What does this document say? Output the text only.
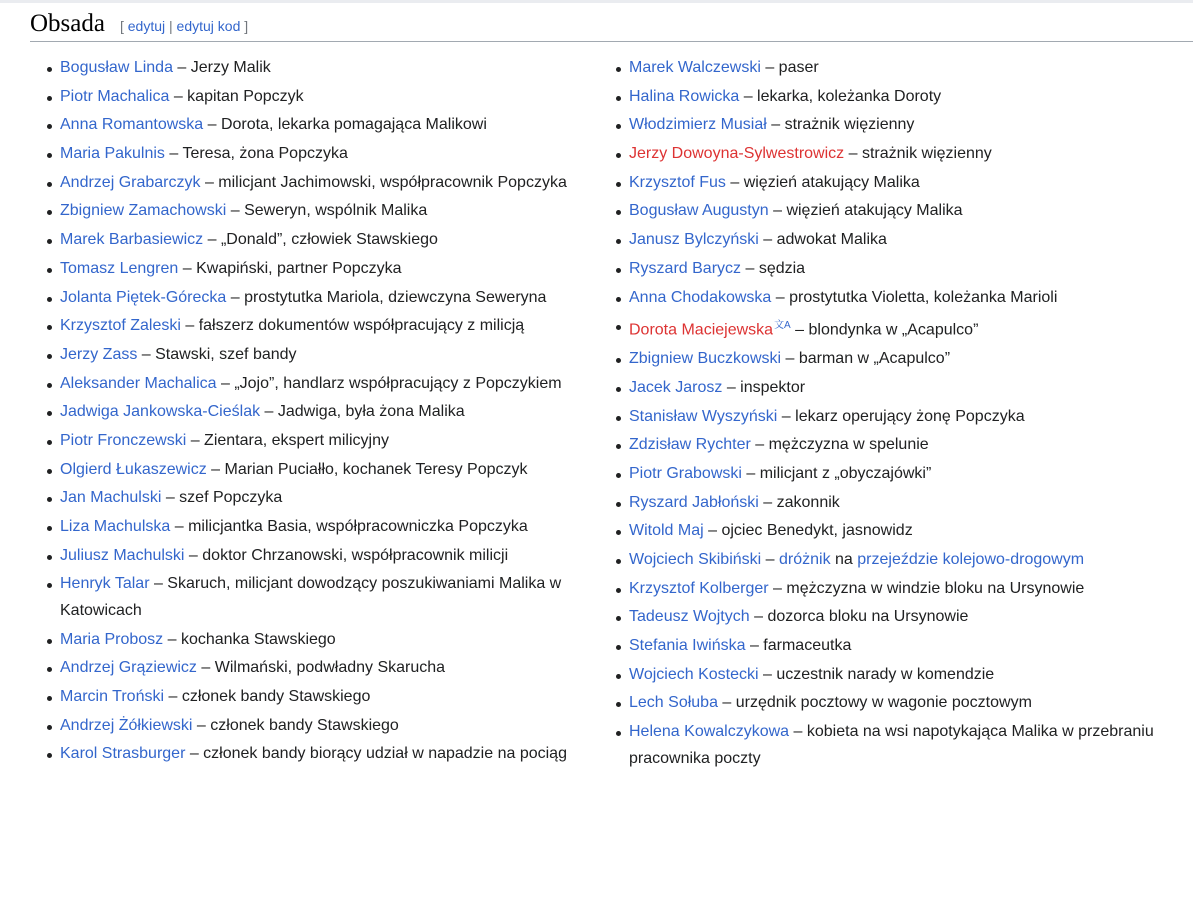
Obsada [ edytuj | edytuj kod ]
Bogusław Linda – Jerzy Malik
Piotr Machalica – kapitan Popczyk
Anna Romantowska – Dorota, lekarka pomagająca Malikowi
Maria Pakulnis – Teresa, żona Popczyka
Andrzej Grabarczyk – milicjant Jachimowski, współpracownik Popczyka
Zbigniew Zamachowski – Seweryn, wspólnik Malika
Marek Barbasiewicz – „Donald”, człowiek Stawskiego
Tomasz Lengren – Kwapiński, partner Popczyka
Jolanta Piętek-Górecka – prostytutka Mariola, dziewczyna Seweryna
Krzysztof Zaleski – fałszerz dokumentów współpracujący z milicją
Jerzy Zass – Stawski, szef bandy
Aleksander Machalica – „Jojo”, handlarz współpracujący z Popczykiem
Jadwiga Jankowska-Cieślak – Jadwiga, była żona Malika
Piotr Fronczewski – Zientara, ekspert milicyjny
Olgierd Łukaszewicz – Marian Puciałło, kochanek Teresy Popczyk
Jan Machulski – szef Popczyka
Liza Machulska – milicjantka Basia, współpracowniczka Popczyka
Juliusz Machulski – doktor Chrzanowski, współpracownik milicji
Henryk Talar – Skaruch, milicjant dowodzący poszukiwaniami Malika w Katowicach
Maria Probosz – kochanka Stawskiego
Andrzej Grąziewicz – Wilmański, podwładny Skarucha
Marcin Troński – członek bandy Stawskiego
Andrzej Żółkiewski – członek bandy Stawskiego
Karol Strasburger – członek bandy biorący udział w napadzie na pociąg
Marek Walczewski – paser
Halina Rowicka – lekarka, koleżanka Doroty
Włodzimierz Musiał – strażnik więzienny
Jerzy Dowoyna-Sylwestrowicz – strażnik więzienny
Krzysztof Fus – więzień atakujący Malika
Bogusław Augustyn – więzień atakujący Malika
Janusz Bylczyński – adwokat Malika
Ryszard Barycz – sędzia
Anna Chodakowska – prostytutka Violetta, koleżanka Marioli
Dorota Maciejewska$^{文A}$ – blondynka w „Acapulco”
Zbigniew Buczkowski – barman w „Acapulco”
Jacek Jarosz – inspektor
Stanisław Wyszyński – lekarz operujący żonę Popczyka
Zdzisław Rychter – mężczyzna w spelunie
Piotr Grabowski – milicjant z „obyczajówki”
Ryszard Jabłoński – zakonnik
Witold Maj – ojciec Benedykt, jasnowidz
Wojciech Skibiński – dróżnik na przejeździe kolejowo-drogowym
Krzysztof Kolberger – mężczyzna w windzie bloku na Ursynowie
Tadeusz Wojtych – dozorca bloku na Ursynowie
Stefania Iwińska – farmaceutka
Wojciech Kostecki – uczestnik narady w komendzie
Lech Sołuba – urzędnik pocztowy w wagonie pocztowym
Helena Kowalczykowa – kobieta na wsi napotykająca Malika w przebraniu pracownika poczty
